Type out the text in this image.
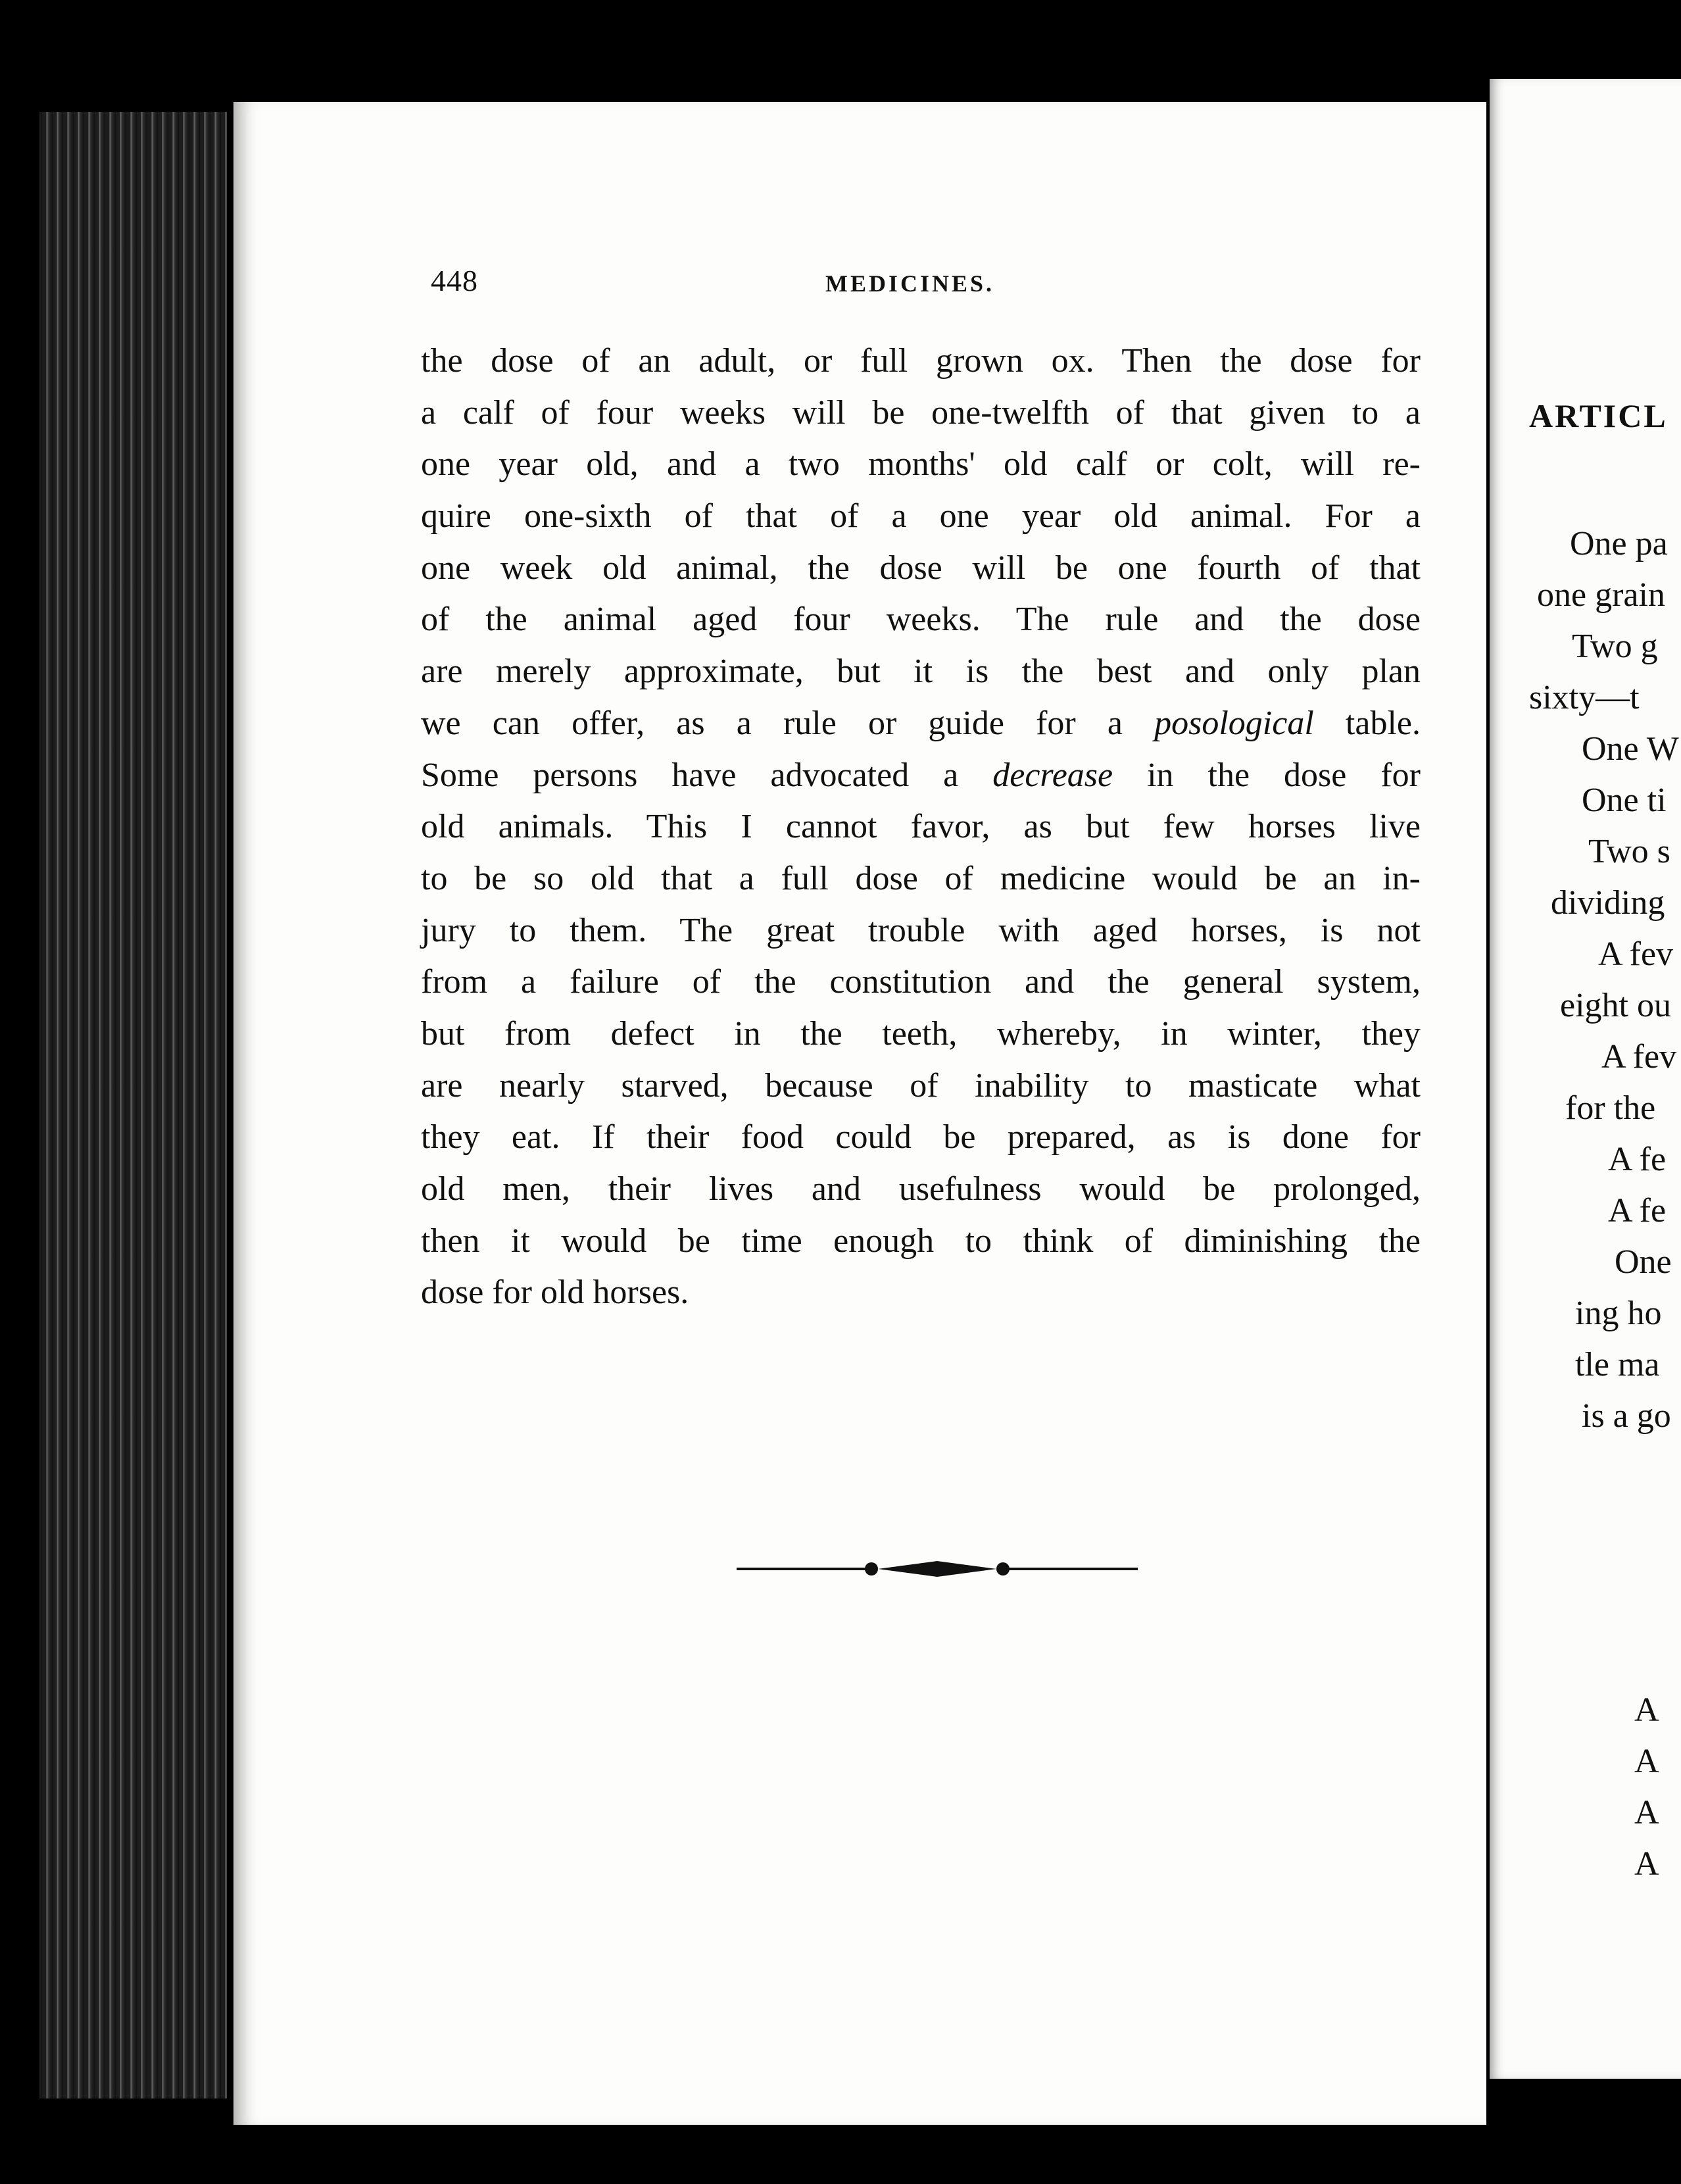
448	MEDICINES.
the dose of an adult, or full grown ox. Then the dose for
a calf of four weeks will be one-twelfth of that given to a
one year old, and a two months' old calf or colt, will re-
quire one-sixth of that of a one year old animal. For a
one week old animal, the dose will be one fourth of that
of the animal aged four weeks. The rule and the dose
are merely approximate, but it is the best and only plan
we can offer, as a rule or guide for a posological table.
Some persons have advocated a decrease in the dose for
old animals. This I cannot favor, as but few horses live
to be so old that a full dose of medicine would be an in-
jury to them. The great trouble with aged horses, is not
from a failure of the constitution and the general system,
but from defect in the teeth, whereby, in winter, they
are nearly starved, because of inability to masticate what
they eat. If their food could be prepared, as is done for
old men, their lives and usefulness would be prolonged,
then it would be time enough to think of diminishing the
dose for old horses.
ARTICL
One pa
one grain
Two g
sixty—t
One W
One ti
Two s
dividing
A fev
eight ou
A fev
for the
A fe
A fe
One
ing ho
tle ma
is a go
A
A
A
A
